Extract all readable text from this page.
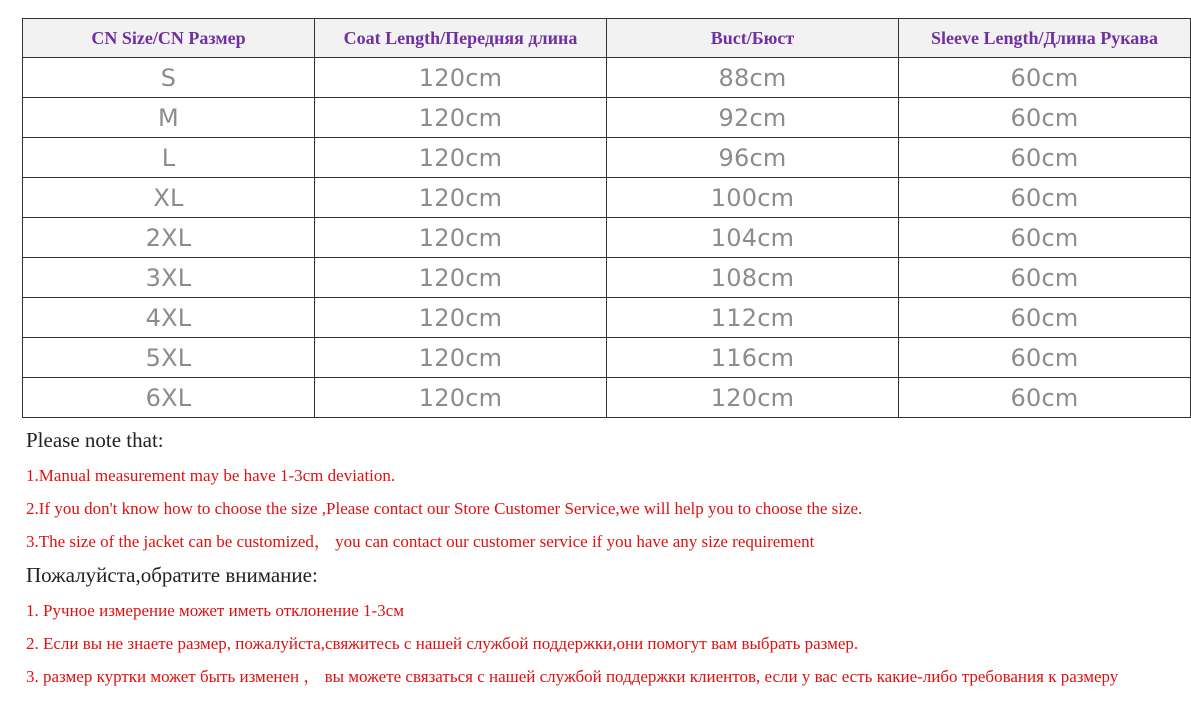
CN Size/CN Размер	Coat Length/Передняя длина	Buct/Бюст	Sleeve Length/Длина Рукава
S	120cm	88cm	60cm
M	120cm	92cm	60cm
L	120cm	96cm	60cm
XL	120cm	100cm	60cm
2XL	120cm	104cm	60cm
3XL	120cm	108cm	60cm
4XL	120cm	112cm	60cm
5XL	120cm	116cm	60cm
6XL	120cm	120cm	60cm
Please note that:
1.Manual measurement may be have 1-3cm deviation.
2.If you don't know how to choose the size ,Please contact our Store Customer Service,we will help you to choose the size.
3.The size of the jacket can be customized， you can contact our customer service if you have any size requirement
Пожалуйста,обратите внимание:
1. Ручное измерение может иметь отклонение 1-3см
2. Если вы не знаете размер, пожалуйста,свяжитесь с нашей службой поддержки,они помогут вам выбрать размер.
3. размер куртки может быть изменен ， вы можете связаться с нашей службой поддержки клиентов, если у вас есть какие-либо требования к размеру
